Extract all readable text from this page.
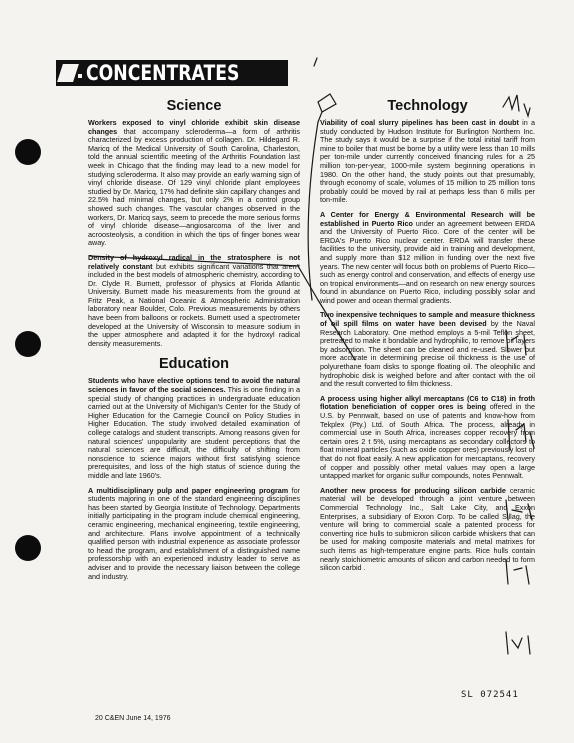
CONCENTRATES
Science

Workers exposed to vinyl chloride exhibit skin disease changes that accompany scleroderma—a form of arthritis characterized by excess production of collagen. Dr. Hildegard R. Maricq of the Medical University of South Carolina, Charleston, told the annual scientific meeting of the Arthritis Foundation last week in Chicago that the finding may lead to a new model for studying scleroderma. It also may provide an early warning sign of vinyl chloride disease. Of 129 vinyl chloride plant employees studied by Dr. Maricq, 17% had definite skin capillary changes and 22.5% had minimal changes, but only 2% in a control group showed such changes. The vascular changes observed in the workers, Dr. Maricq says, seem to precede the more serious forms of vinyl chloride disease—angiosarcoma of the liver and acroosteolysis, a condition in which the tips of finger bones wear away.

Density of hydroxyl radical in the stratosphere is not relatively constant but exhibits significant variations that aren't included in the best models of atmospheric chemistry, according to Dr. Clyde R. Burnett, professor of physics at Florida Atlantic University. Burnett made his measurements from the ground at Fritz Peak, a National Oceanic & Atmospheric Administration laboratory near Boulder, Colo. Previous measurements by others have been from balloons or rockets. Burnett used a spectrometer developed at the University of Wisconsin to measure sodium in the upper atmosphere and adapted it for the hydroxyl radical density measurements.

Education

Students who have elective options tend to avoid the natural sciences in favor of the social sciences. This is one finding in a special study of changing practices in undergraduate education carried out at the University of Michigan's Center for the Study of Higher Education for the Carnegie Council on Policy Studies in Higher Education. The study involved detailed examination of college catalogs and student transcripts. Among reasons given for natural sciences' unpopularity are student perceptions that the natural sciences are difficult, the difficulty of shifting from nonscience to science majors without first satisfying science prerequisites, and loss of the high status of science during the middle and late 1960's.

A multidisciplinary pulp and paper engineering program for students majoring in one of the standard engineering disciplines has been started by Georgia Institute of Technology. Departments initially participating in the program include chemical engineering, ceramic engineering, mechanical engineering, textile engineering, and architecture. Plans involve appointment of a technically qualified person with industrial experience as associate professor to head the program, and establishment of a distinguished name professorship with an experienced industry leader to serve as adviser and to provide the necessary liaison between the college and industry.

Technology

Viability of coal slurry pipelines has been cast in doubt in a study conducted by Hudson Institute for Burlington Northern Inc. The study says it would be a surprise if the total initial tariff from mine to boiler that must be borne by a utility were less than 10 mills per ton-mile under currently conceived financing rules for a 25 million ton-per-year, 1000-mile system beginning operations in 1980. On the other hand, the study points out that presumably, through economy of scale, volumes of 15 million to 25 million tons probably could be moved by rail at perhaps less than 6 mills per ton-mile.

A Center for Energy & Environmental Research will be established in Puerto Rico under an agreement between ERDA and the University of Puerto Rico. Core of the center will be ERDA's Puerto Rico nuclear center. ERDA will transfer these facilities to the university, provide aid in training and development, and supply more than $12 million in funding over the next five years. The new center will focus both on problems of Puerto Rico—such as energy control and conservation, and effects of energy use on tropical environments—and on research on new energy sources found in abundance on Puerto Rico, including possibly solar and wind power and ocean thermal gradients.

Two inexpensive techniques to sample and measure thickness of oil spill films on water have been devised by the Naval Research Laboratory. One method employs a 5-mil Teflon sheet, pretreated to make it bondable and hydrophilic, to remove oil layers by adsorption. The sheet can be cleaned and re-used. Slower but more accurate in determining precise oil thickness is the use of polyurethane foam disks to sponge floating oil. The oleophilic and hydrophobic disk is weighed before and after contact with the oil and the result converted to film thickness.

A process using higher alkyl mercaptans (C6 to C18) in froth flotation beneficiation of copper ores is being offered in the U.S. by Pennwalt, based on use of patents and know-how from Tekplex (Pty.) Ltd. of South Africa. The process, already in commercial use in South Africa, increases copper recovery from certain ores 2 t 5%, using mercaptans as secondary collectors to float mineral particles (such as oxide copper ores) previously lost or that do not float easily. A new application for mercaptans, recovery of copper and possibly other metal values may open a large untapped market for organic sulfur compounds, notes Pennwalt.

Another new process for producing silicon carbide ceramic material will be developed through a joint venture between Commercial Technology Inc., Salt Lake City, and Exxon Enterprises, a subsidiary of Exxon Corp. To be called Sillag, the venture will bring to commercial scale a patented process for converting rice hulls to submicron silicon carbide whiskers that can be used for making composite materials and metal matrixes for such items as high-temperature engine parts. Rice hulls contain nearly stoichiometric amounts of silicon and carbon needed to form silicon carbid .

20 C&EN June 14, 1976
SL 072541
